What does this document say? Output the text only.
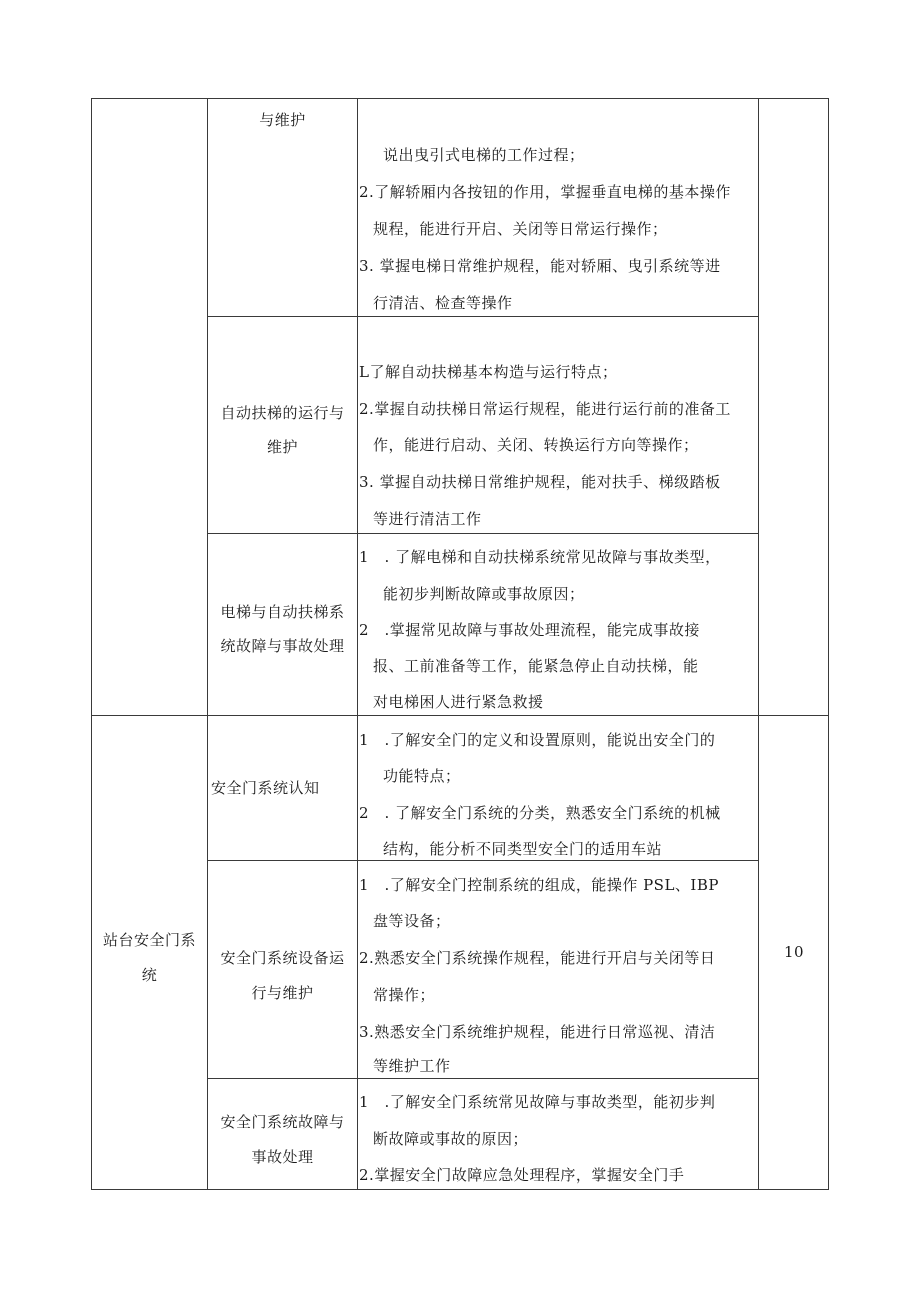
与维护
说出曳引式电梯的工作过程；
2.了解轿厢内各按钮的作用，掌握垂直电梯的基本操作
规程，能进行开启、关闭等日常运行操作；
3. 掌握电梯日常维护规程，能对轿厢、曳引系统等进
行清洁、检查等操作
自动扶梯的运行与
维护
L了解自动扶梯基本构造与运行特点；
2.掌握自动扶梯日常运行规程，能进行运行前的准备工
作，能进行启动、关闭、转换运行方向等操作；
3. 掌握自动扶梯日常维护规程，能对扶手、梯级踏板
等进行清洁工作
电梯与自动扶梯系
统故障与事故处理
1　. 了解电梯和自动扶梯系统常见故障与事故类型，
能初步判断故障或事故原因；
2　.掌握常见故障与事故处理流程，能完成事故接
报、工前准备等工作，能紧急停止自动扶梯，能
对电梯困人进行紧急救援
站台安全门系
统
10
安全门系统认知
1　.了解安全门的定义和设置原则，能说出安全门的
功能特点；
2　. 了解安全门系统的分类，熟悉安全门系统的机械
结构，能分析不同类型安全门的适用车站
安全门系统设备运
行与维护
1　.了解安全门控制系统的组成，能操作 PSL、IBP
盘等设备；
2.熟悉安全门系统操作规程，能进行开启与关闭等日
常操作；
3.熟悉安全门系统维护规程，能进行日常巡视、清洁
等维护工作
安全门系统故障与
事故处理
1　.了解安全门系统常见故障与事故类型，能初步判
断故障或事故的原因；
2.掌握安全门故障应急处理程序，掌握安全门手
